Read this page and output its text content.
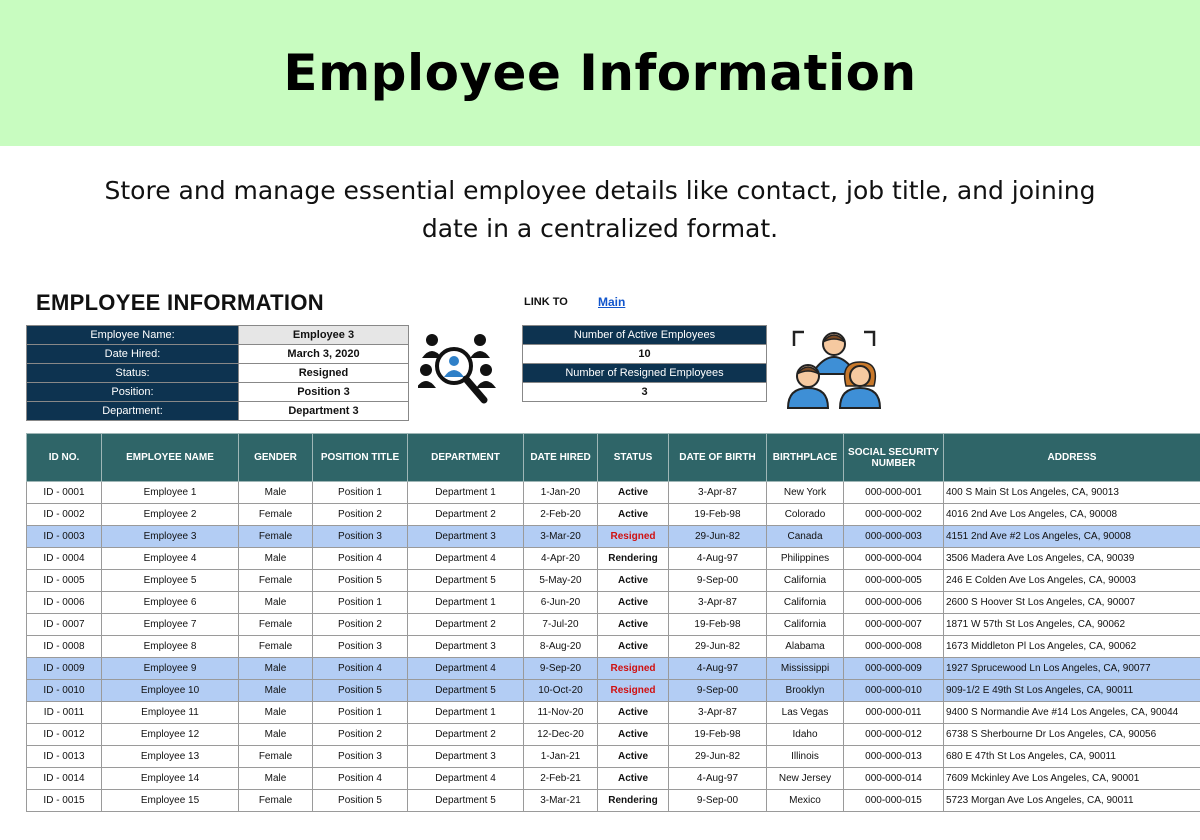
Employee Information

Store and manage essential employee details like contact, job title, and joining date in a centralized format.

EMPLOYEE INFORMATION	LINK TO	Main
Employee Name:	Employee 3
Date Hired:	March 3, 2020
Status:	Resigned
Position:	Position 3
Department:	Department 3
Number of Active Employees
10
Number of Resigned Employees
3
ID NO.	EMPLOYEE NAME	GENDER	POSITION TITLE	DEPARTMENT	DATE HIRED	STATUS	DATE OF BIRTH	BIRTHPLACE	SOCIAL SECURITY NUMBER	ADDRESS
ID - 0001	Employee 1	Male	Position 1	Department 1	1-Jan-20	Active	3-Apr-87	New York	000-000-001	400 S Main St Los Angeles, CA, 90013
ID - 0002	Employee 2	Female	Position 2	Department 2	2-Feb-20	Active	19-Feb-98	Colorado	000-000-002	4016 2nd Ave Los Angeles, CA, 90008
ID - 0003	Employee 3	Female	Position 3	Department 3	3-Mar-20	Resigned	29-Jun-82	Canada	000-000-003	4151 2nd Ave #2 Los Angeles, CA, 90008
ID - 0004	Employee 4	Male	Position 4	Department 4	4-Apr-20	Rendering	4-Aug-97	Philippines	000-000-004	3506 Madera Ave Los Angeles, CA, 90039
ID - 0005	Employee 5	Female	Position 5	Department 5	5-May-20	Active	9-Sep-00	California	000-000-005	246 E Colden Ave Los Angeles, CA, 90003
ID - 0006	Employee 6	Male	Position 1	Department 1	6-Jun-20	Active	3-Apr-87	California	000-000-006	2600 S Hoover St Los Angeles, CA, 90007
ID - 0007	Employee 7	Female	Position 2	Department 2	7-Jul-20	Active	19-Feb-98	California	000-000-007	1871 W 57th St Los Angeles, CA, 90062
ID - 0008	Employee 8	Female	Position 3	Department 3	8-Aug-20	Active	29-Jun-82	Alabama	000-000-008	1673 Middleton Pl Los Angeles, CA, 90062
ID - 0009	Employee 9	Male	Position 4	Department 4	9-Sep-20	Resigned	4-Aug-97	Mississippi	000-000-009	1927 Sprucewood Ln Los Angeles, CA, 90077
ID - 0010	Employee 10	Male	Position 5	Department 5	10-Oct-20	Resigned	9-Sep-00	Brooklyn	000-000-010	909-1/2 E 49th St Los Angeles, CA, 90011
ID - 0011	Employee 11	Male	Position 1	Department 1	11-Nov-20	Active	3-Apr-87	Las Vegas	000-000-011	9400 S Normandie Ave #14 Los Angeles, CA, 90044
ID - 0012	Employee 12	Male	Position 2	Department 2	12-Dec-20	Active	19-Feb-98	Idaho	000-000-012	6738 S Sherbourne Dr Los Angeles, CA, 90056
ID - 0013	Employee 13	Female	Position 3	Department 3	1-Jan-21	Active	29-Jun-82	Illinois	000-000-013	680 E 47th St Los Angeles, CA, 90011
ID - 0014	Employee 14	Male	Position 4	Department 4	2-Feb-21	Active	4-Aug-97	New Jersey	000-000-014	7609 Mckinley Ave Los Angeles, CA, 90001
ID - 0015	Employee 15	Female	Position 5	Department 5	3-Mar-21	Rendering	9-Sep-00	Mexico	000-000-015	5723 Morgan Ave Los Angeles, CA, 90011
